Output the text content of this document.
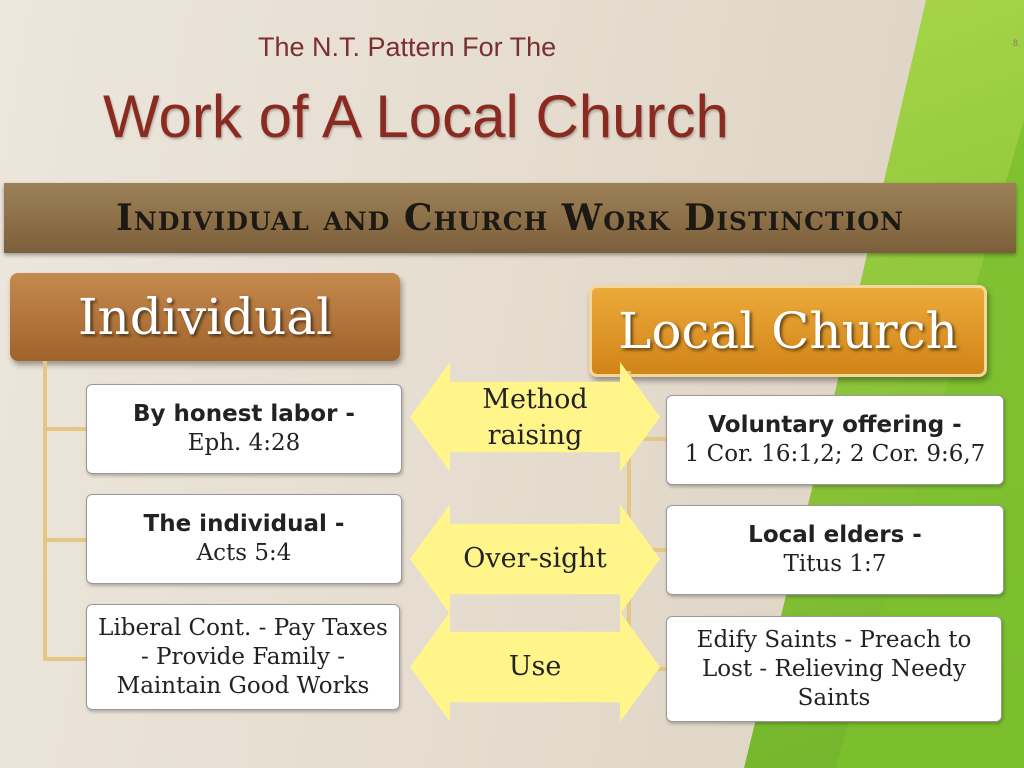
8
The N.T. Pattern For The
Work of A Local Church
Individual and Church Work Distinction
Individual	Local Church
By honest labor -
Eph. 4:28
Method raising	Voluntary offering -
1 Cor. 16:1,2; 2 Cor. 9:6,7
The individual -
Acts 5:4	Over-sight
Local elders -
Titus 1:7
Liberal Cont. - Pay Taxes - Provide Family - Maintain Good Works
Use
Edify Saints - Preach to Lost - Relieving Needy Saints
